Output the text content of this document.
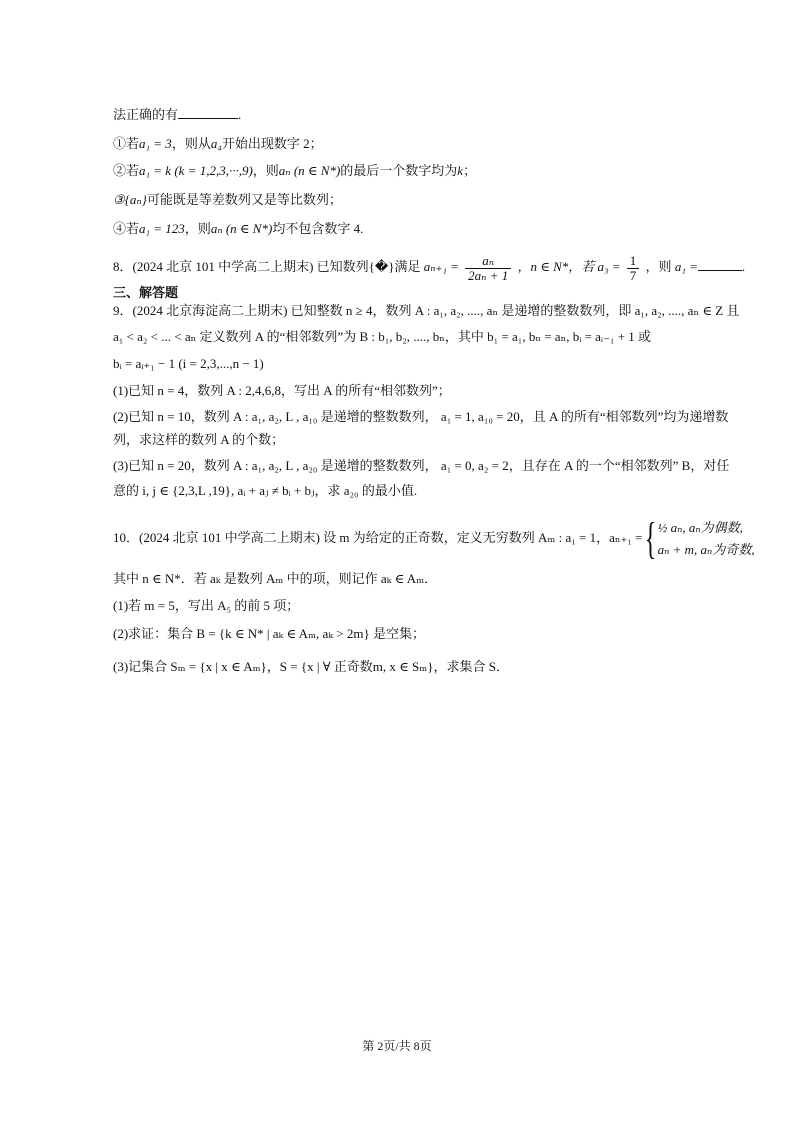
法正确的有	.
①若a₁ = 3，则从a₄开始出现数字 2；
②若a₁ = k (k = 1,2,3,···,9)，则aₙ (n ∈ N*)的最后一个数字均为k；
③{aₙ}可能既是等差数列又是等比数列；
④若a₁ = 123，则aₙ (n ∈ N*)均不包含数字 4.
8．(2024 北京 101 中学高二上期末) 已知数列{�}满足 $a_{n+1} = \frac{\text{aₙ}}{\text{2aₙ + 1}}$ ，n ∈ N*，若 $a_3 = \frac{1}{7}$ ，则 a₁ =	.
三、解答题
9．(2024 北京海淀高二上期末) 已知整数 n ≥ 4，数列 A : a₁, a₂, ...., aₙ 是递增的整数数列，即 a₁, a₂, ...., aₙ ∈ Z 且
a₁ < a₂ < ... < aₙ 定义数列 A 的“相邻数列”为 B : b₁, b₂, ...., bₙ，其中 b₁ = a₁, bₙ = aₙ, bᵢ = aᵢ₋₁ + 1 或
bᵢ = aᵢ₊₁ − 1 (i = 2,3,...,n − 1)
(1)已知 n = 4，数列 A : 2,4,6,8，写出 A 的所有“相邻数列”；
(2)已知 n = 10，数列 A : a₁, a₂, L , a₁₀ 是递增的整数数列， a₁ = 1, a₁₀ = 20，且 A 的所有“相邻数列”均为递增数
列，求这样的数列 A 的个数；
(3)已知 n = 20，数列 A : a₁, a₂, L , a₂₀ 是递增的整数数列， a₁ = 0, a₂ = 2，且存在 A 的一个“相邻数列” B，对任
意的 i, j ∈ {2,3,L ,19}, aᵢ + aⱼ ≠ bᵢ + bⱼ，求 a₂₀ 的最小值.
10．(2024 北京 101 中学高二上期末) 设 m 为给定的正奇数，定义无穷数列 Aₘ : a₁ = 1，aₙ₊₁ ={ ½ aₙ, aₙ为偶数,
aₙ + m, aₙ为奇数,
其中 n ∈ N*．若 aₖ 是数列 Aₘ 中的项，则记作 aₖ ∈ Aₘ．
(1)若 m = 5，写出 A₅ 的前 5 项；
(2)求证：集合 B = {k ∈ N* | aₖ ∈ Aₘ, aₖ > 2m} 是空集；
(3)记集合 Sₘ = {x | x ∈ Aₘ}，S = {x | ∀ 正奇数m, x ∈ Sₘ}，求集合 S．
第 2页/共 8页
